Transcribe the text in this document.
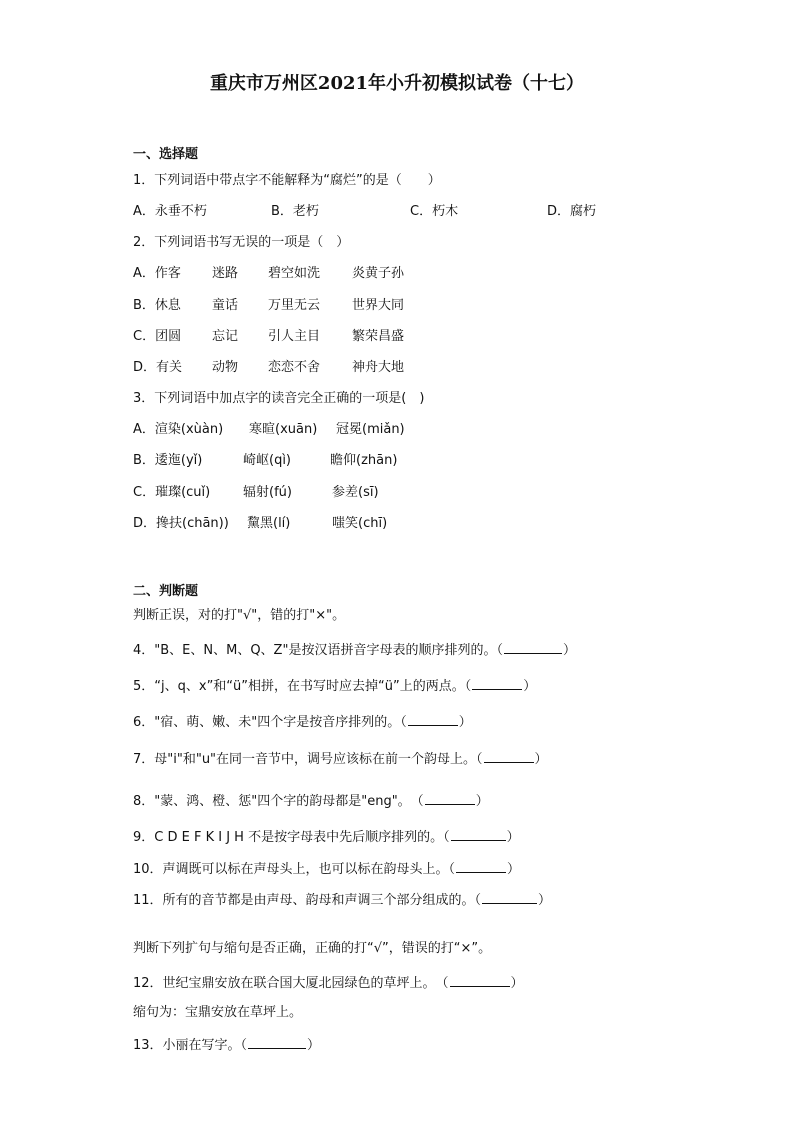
重庆市万州区2021年小升初模拟试卷（十七）
一、选择题
1．下列词语中带点字不能解释为“腐烂”的是（　　）
A．永垂不朽	B．老朽	C．朽木	D．腐朽
2．下列词语书写无误的一项是（　）
A．作客 迷路 碧空如洗 炎黄子孙
B．休息 童话 万里无云 世界大同
C．团圆 忘记 引人主目 繁荣昌盛
D．有关 动物 恋恋不舍 神舟大地
3．下列词语中加点字的读音完全正确的一项是(　)
A．渲染(xùàn) 寒暄(xuān) 冠冕(miǎn)
B．逶迤(yǐ)	崎岖(qì)	瞻仰(zhān)
C．璀璨(cuǐ)	辐射(fú)	参差(sī)
D．搀扶(chān)) 黧黑(lí)	嗤笑(chī)
二、判断题
判断正误，对的打"√"，错的打"×"。
4．"B、E、N、M、Q、Z"是按汉语拼音字母表的顺序排列的。（	）
5．“j、q、x”和“ü”相拼，在书写时应去掉“ü”上的两点。（	）
6．"宿、萌、嫩、未"四个字是按音序排列的。（	）
7．母"i"和"u"在同一音节中，调号应该标在前一个韵母上。（	）
8．"蒙、鸿、橙、惩"四个字的韵母都是"eng"。　（	）
9．C D E F K I J H 不是按字母表中先后顺序排列的。（	）
10．声调既可以标在声母头上，也可以标在韵母头上。（	）
11．所有的音节都是由声母、韵母和声调三个部分组成的。（	）
判断下列扩句与缩句是否正确，正确的打“√”，错误的打“×”。
12．世纪宝鼎安放在联合国大厦北园绿色的草坪上。　（	）
缩句为：宝鼎安放在草坪上。
13．小丽在写字。（	）
